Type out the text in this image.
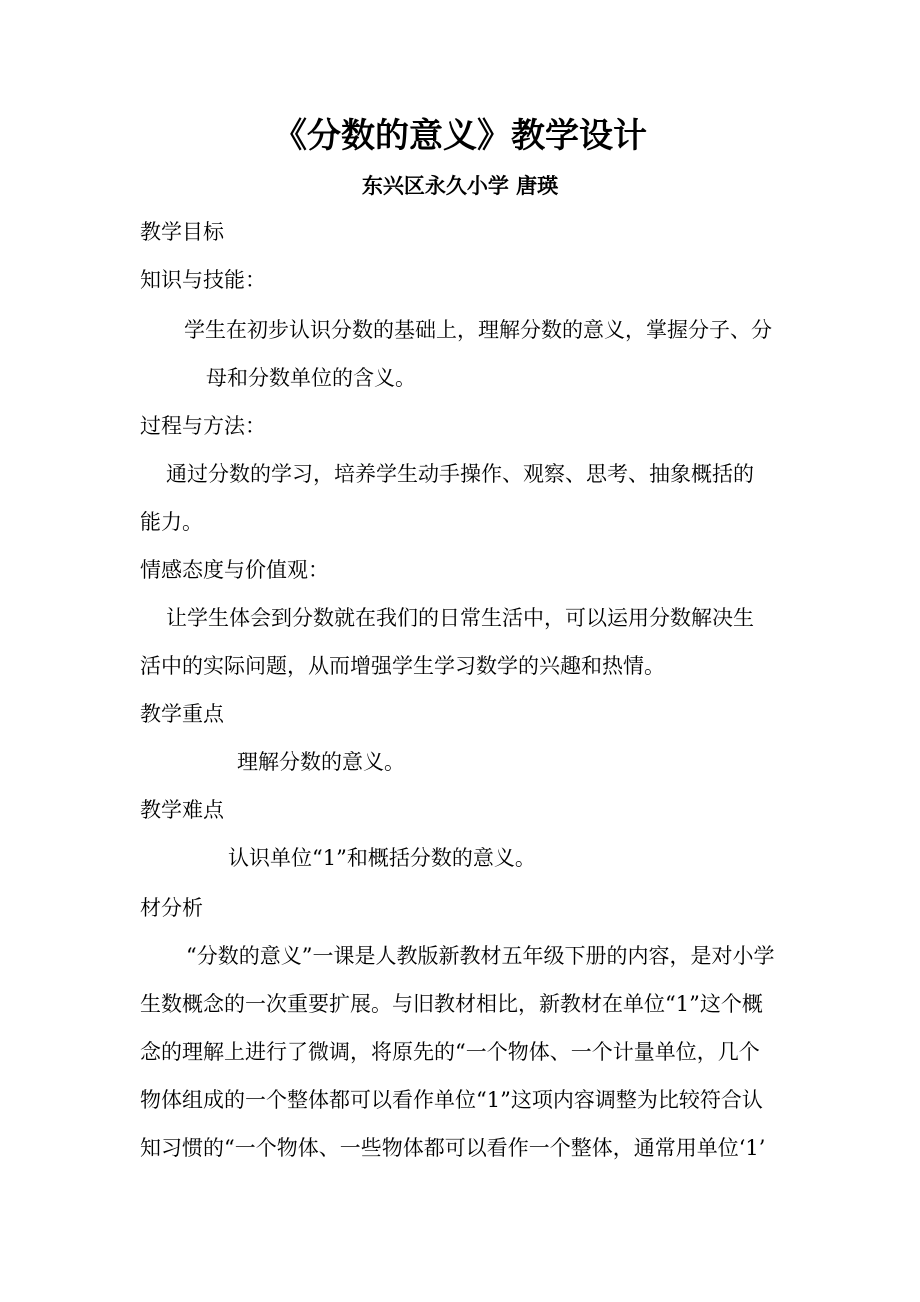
《分数的意义》教学设计
东兴区永久小学 唐瑛
教学目标
知识与技能：
学生在初步认识分数的基础上，理解分数的意义，掌握分子、分
母和分数单位的含义。
过程与方法：
通过分数的学习，培养学生动手操作、观察、思考、抽象概括的
能力。
情感态度与价值观：
让学生体会到分数就在我们的日常生活中，可以运用分数解决生
活中的实际问题，从而增强学生学习数学的兴趣和热情。
教学重点
理解分数的意义。
教学难点
认识单位“1”和概括分数的意义。
材分析
“分数的意义”一课是人教版新教材五年级下册的内容，是对小学
生数概念的一次重要扩展。与旧教材相比，新教材在单位“1”这个概
念的理解上进行了微调，将原先的“一个物体、一个计量单位，几个
物体组成的一个整体都可以看作单位“1”这项内容调整为比较符合认
知习惯的“一个物体、一些物体都可以看作一个整体，通常用单位‘1’
